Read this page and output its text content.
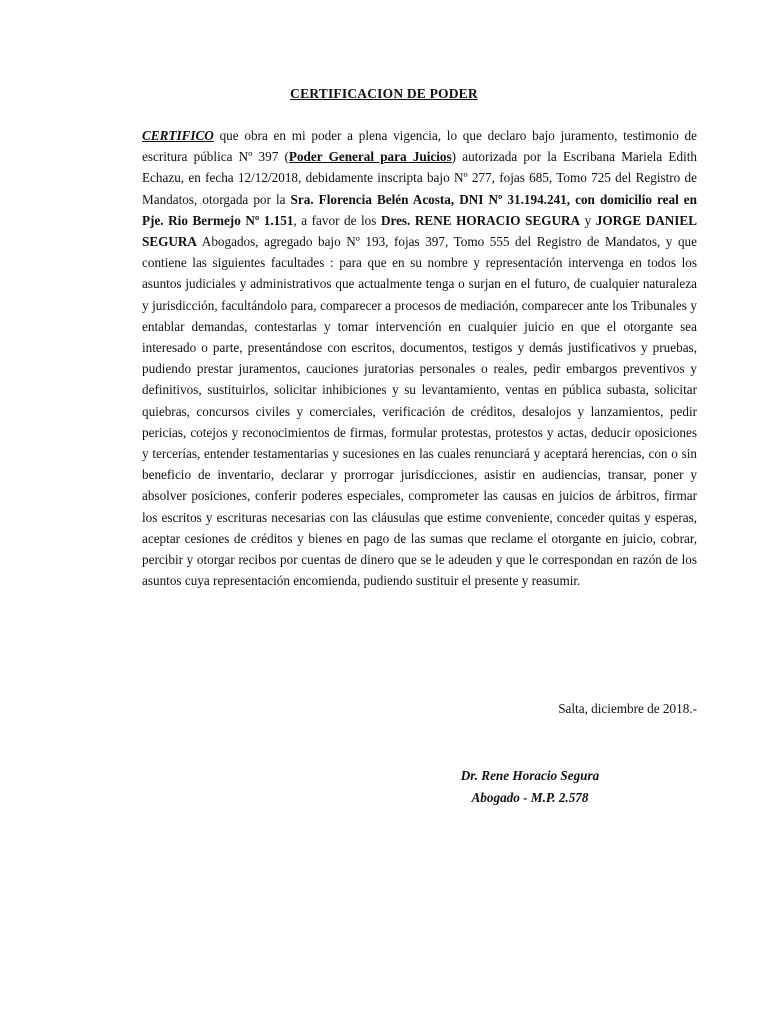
CERTIFICACION DE PODER

CERTIFICO que obra en mi poder a plena vigencia, lo que declaro bajo juramento, testimonio de escritura pública Nº 397 (Poder General para Juicios) autorizada por la Escribana Mariela Edith Echazu, en fecha 12/12/2018, debidamente inscripta bajo Nº 277, fojas 685, Tomo 725 del Registro de Mandatos, otorgada por la Sra. Florencia Belén Acosta, DNI Nº 31.194.241, con domicilio real en Pje. Rio Bermejo Nº 1.151, a favor de los Dres. RENE HORACIO SEGURA y JORGE DANIEL SEGURA Abogados, agregado bajo Nº 193, fojas 397, Tomo 555 del Registro de Mandatos, y que contiene las siguientes facultades : para que en su nombre y representación intervenga en todos los asuntos judiciales y administrativos que actualmente tenga o surjan en el futuro, de cualquier naturaleza y jurisdicción, facultándolo para, comparecer a procesos de mediación, comparecer ante los Tribunales y entablar demandas, contestarlas y tomar intervención en cualquier juicio en que el otorgante sea interesado o parte, presentándose con escritos, documentos, testigos y demás justificativos y pruebas, pudiendo prestar juramentos, cauciones juratorias personales o reales, pedir embargos preventivos y definitivos, sustituirlos, solicitar inhibiciones y su levantamiento, ventas en pública subasta, solicitar quiebras, concursos civiles y comerciales, verificación de créditos, desalojos y lanzamientos, pedir pericias, cotejos y reconocimientos de firmas, formular protestas, protestos y actas, deducir oposiciones y tercerías, entender testamentarias y sucesiones en las cuales renunciará y aceptará herencias, con o sin beneficio de inventario, declarar y prorrogar jurisdicciones, asistir en audiencias, transar, poner y absolver posiciones, conferir poderes especiales, comprometer las causas en juicios de árbitros, firmar los escritos y escrituras necesarias con las cláusulas que estime conveniente, conceder quitas y esperas, aceptar cesiones de créditos y bienes en pago de las sumas que reclame el otorgante en juicio, cobrar, percibir y otorgar recibos por cuentas de dinero que se le adeuden y que le correspondan en razón de los asuntos cuya representación encomienda, pudiendo sustituir el presente y reasumir.

Salta, diciembre de 2018.-
Dr. Rene Horacio Segura
Abogado - M.P. 2.578
